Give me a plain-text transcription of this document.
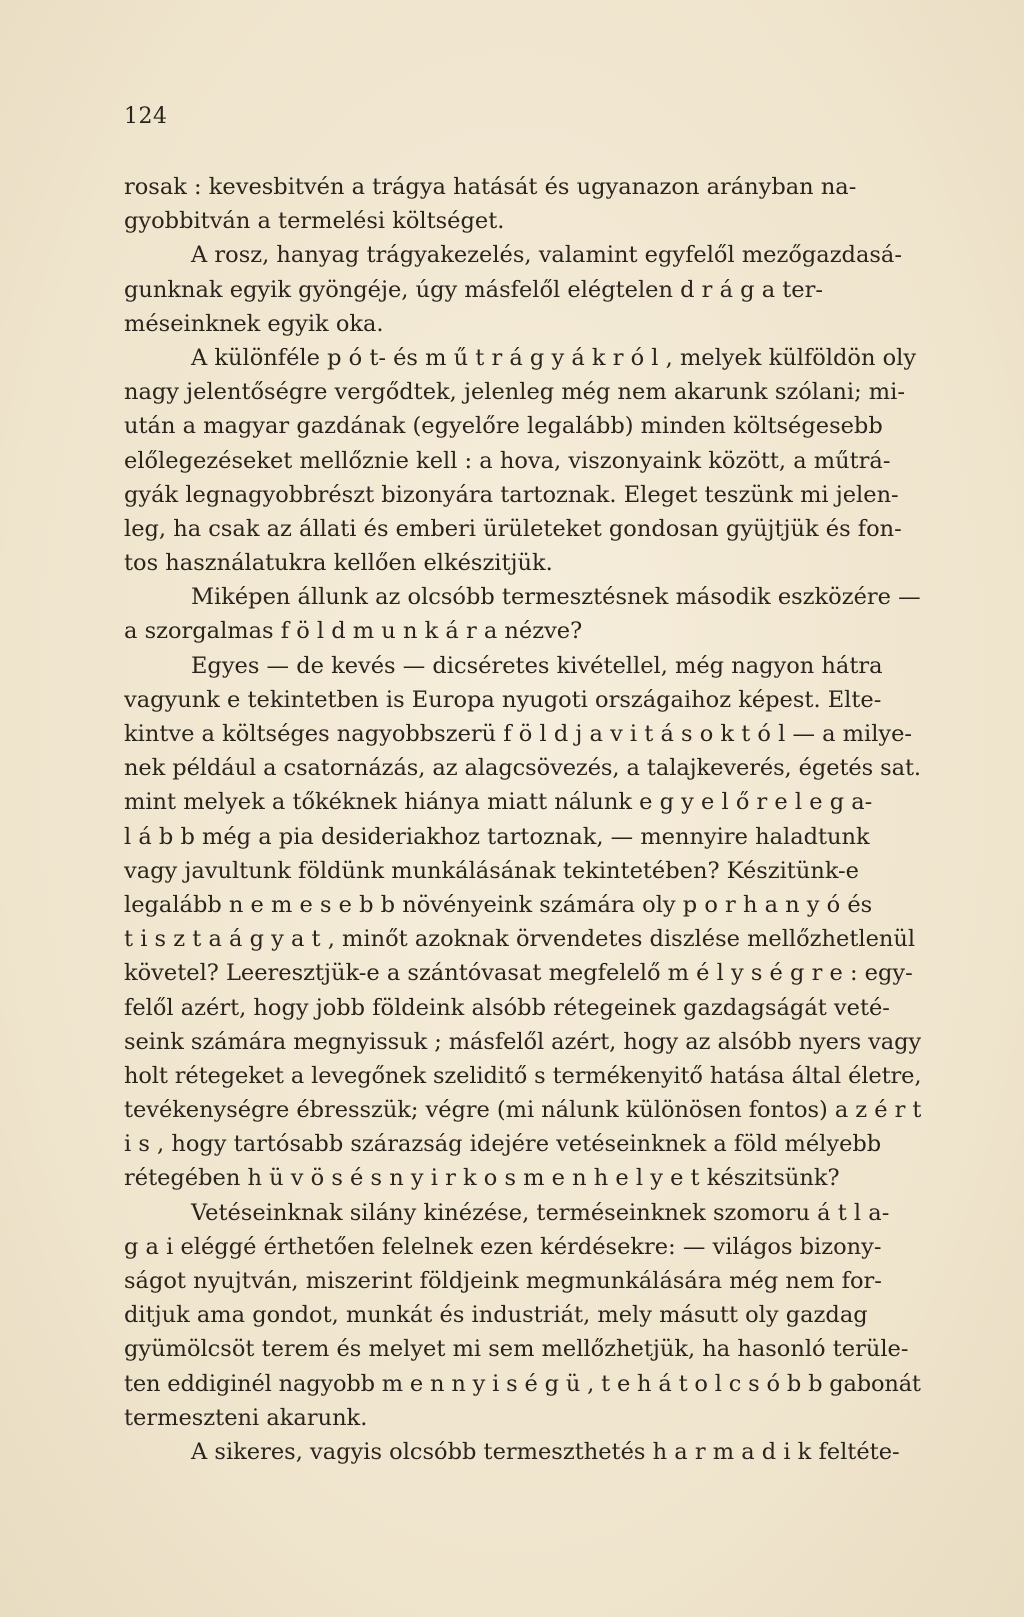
124
rosak : kevesbitvén a trágya hatását és ugyanazon arányban na-
gyobbitván a termelési költséget.
A rosz, hanyag trágyakezelés, valamint egyfelől mezőgazdasá-
gunknak egyik gyöngéje, úgy másfelől elégtelen d r á g a ter-
méseinknek egyik oka.
A különféle p ó t- és m ű t r á g y á k r ó l , melyek külföldön oly
nagy jelentőségre vergődtek, jelenleg még nem akarunk szólani; mi-
után a magyar gazdának (egyelőre legalább) minden költségesebb
előlegezéseket mellőznie kell : a hova, viszonyaink között, a műtrá-
gyák legnagyobbrészt bizonyára tartoznak. Eleget teszünk mi jelen-
leg, ha csak az állati és emberi ürületeket gondosan gyüjtjük és fon-
tos használatukra kellően elkészitjük.
Miképen állunk az olcsóbb termesztésnek második eszközére —
a szorgalmas f ö l d m u n k á r a nézve?
Egyes — de kevés — dicséretes kivétellel, még nagyon hátra
vagyunk e tekintetben is Europa nyugoti országaihoz képest. Elte-
kintve a költséges nagyobbszerü f ö l d j a v i t á s o k t ó l — a milye-
nek például a csatornázás, az alagcsövezés, a talajkeverés, égetés sat.
mint melyek a tőkéknek hiánya miatt nálunk e g y e l ő r e l e g a-
l á b b még a pia desideriakhoz tartoznak, — mennyire haladtunk
vagy javultunk földünk munkálásának tekintetében? Készitünk-e
legalább n e m e s e b b növényeink számára oly p o r h a n y ó és
t i s z t a á g y a t , minőt azoknak örvendetes diszlése mellőzhetlenül
követel? Leeresztjük-e a szántóvasat megfelelő m é l y s é g r e : egy-
felől azért, hogy jobb földeink alsóbb rétegeinek gazdagságát veté-
seink számára megnyissuk ; másfelől azért, hogy az alsóbb nyers vagy
holt rétegeket a levegőnek szeliditő s termékenyitő hatása által életre,
tevékenységre ébresszük; végre (mi nálunk különösen fontos) a z é r t
i s , hogy tartósabb szárazság idejére vetéseinknek a föld mélyebb
rétegében h ü v ö s é s n y i r k o s m e n h e l y e t készitsünk?
Vetéseinknak silány kinézése, terméseinknek szomoru á t l a-
g a i eléggé érthetően felelnek ezen kérdésekre: — világos bizony-
ságot nyujtván, miszerint földjeink megmunkálására még nem for-
ditjuk ama gondot, munkát és industriát, mely másutt oly gazdag
gyümölcsöt terem és melyet mi sem mellőzhetjük, ha hasonló terüle-
ten eddiginél nagyobb m e n n y i s é g ü , t e h á t o l c s ó b b gabonát
termeszteni akarunk.
A sikeres, vagyis olcsóbb termeszthetés h a r m a d i k feltéte-
